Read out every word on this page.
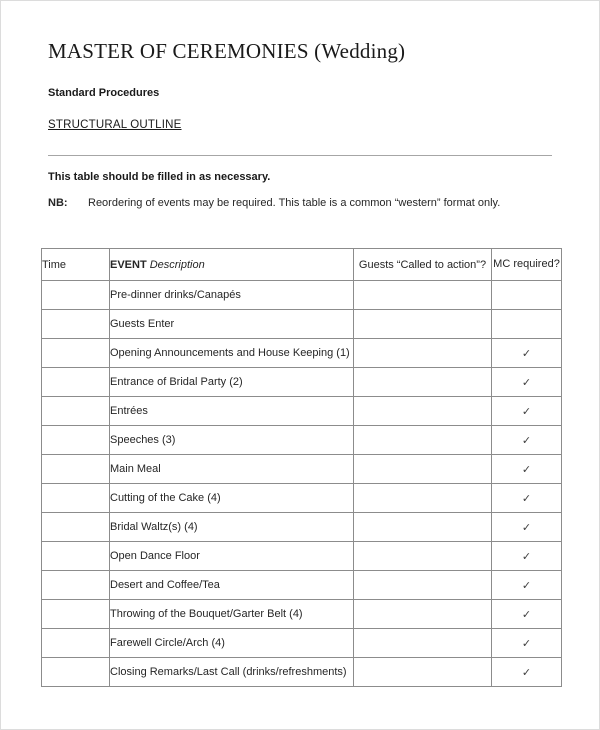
MASTER OF CEREMONIES (Wedding)
Standard Procedures
STRUCTURAL OUTLINE
This table should be filled in as necessary.
NB: Reordering of events may be required. This table is a common “western” format only.
Time	EVENT Description	Guests “Called to action”?	MC required?
	Pre-dinner drinks/Canapés		
	Guests Enter		
	Opening Announcements and House Keeping (1)		✓
	Entrance of Bridal Party (2)		✓
	Entrées		✓
	Speeches (3)		✓
	Main Meal		✓
	Cutting of the Cake (4)		✓
	Bridal Waltz(s) (4)		✓
	Open Dance Floor		✓
	Desert and Coffee/Tea		✓
	Throwing of the Bouquet/Garter Belt (4)		✓
	Farewell Circle/Arch (4)		✓
	Closing Remarks/Last Call (drinks/refreshments)		✓
